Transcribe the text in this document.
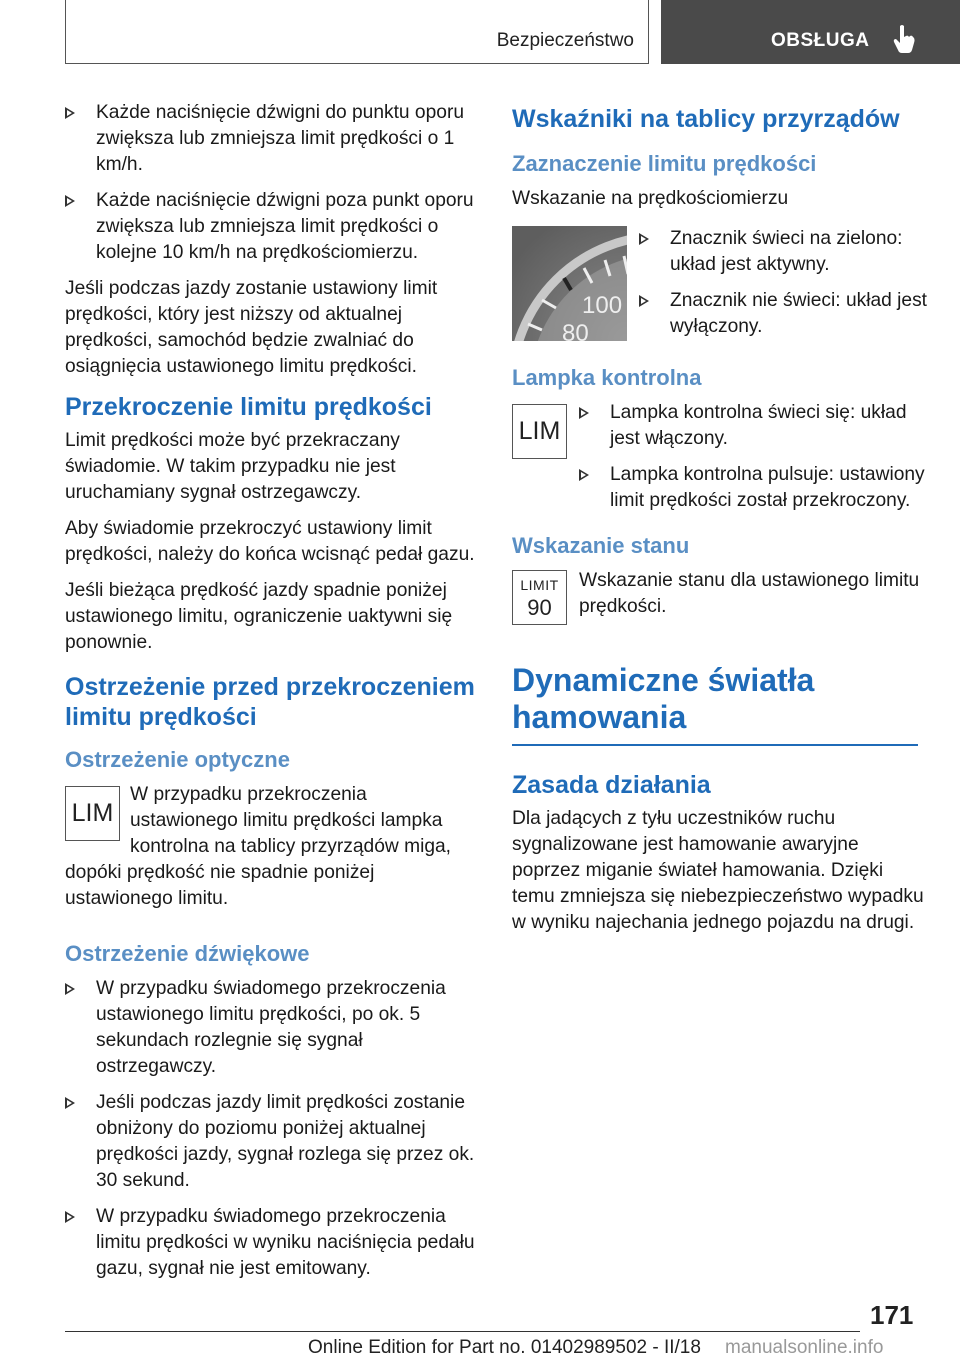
Bezpieczeństwo	OBSŁUGA
Każde naciśnięcie dźwigni do punktu oporu zwiększa lub zmniejsza limit prędkości o 1 km/h.
Każde naciśnięcie dźwigni poza punkt oporu zwiększa lub zmniejsza limit prędkości o kolejne 10 km/h na prędkościomierzu.

Jeśli podczas jazdy zostanie ustawiony limit prędkości, który jest niższy od aktualnej prędkości, samochód będzie zwalniać do osiągnięcia ustawionego limitu prędkości.

Przekroczenie limitu prędkości

Limit prędkości może być przekraczany świadomie. W takim przypadku nie jest uruchamiany sygnał ostrzegawczy.

Aby świadomie przekroczyć ustawiony limit prędkości, należy do końca wcisnąć pedał gazu.

Jeśli bieżąca prędkość jazdy spadnie poniżej ustawionego limitu, ograniczenie uaktywni się ponownie.

Ostrzeżenie przed przekroczeniem limitu prędkości
Ostrzeżenie optyczne
LIM

W przypadku przekroczenia ustawionego limitu prędkości lampka kontrolna na tablicy przyrządów miga, dopóki prędkość nie spadnie poniżej ustawionego limitu.

Ostrzeżenie dźwiękowe
W przypadku świadomego przekroczenia ustawionego limitu prędkości, po ok. 5 sekundach rozlegnie się sygnał ostrzegawczy.
Jeśli podczas jazdy limit prędkości zostanie obniżony do poziomu poniżej aktualnej prędkości jazdy, sygnał rozlega się przez ok. 30 sekund.
W przypadku świadomego przekroczenia limitu prędkości w wyniku naciśnięcia pedału gazu, sygnał nie jest emitowany.
Wskaźniki na tablicy przyrządów
Zaznaczenie limitu prędkości

Wskazanie na prędkościomierzu

100
80
Znacznik świeci na zielono: układ jest aktywny.
Znacznik nie świeci: układ jest wyłączony.
Lampka kontrolna
LIM
Lampka kontrolna świeci się: układ jest włączony.
Lampka kontrolna pulsuje: ustawiony limit prędkości został przekroczony.
Wskazanie stanu
LIMIT
90

Wskazanie stanu dla ustawionego limitu prędkości.

Dynamiczne światła hamowania
Zasada działania

Dla jadących z tyłu uczestników ruchu sygnalizowane jest hamowanie awaryjne poprzez miganie świateł hamowania. Dzięki temu zmniejsza się niebezpieczeństwo wypadku w wyniku najechania jednego pojazdu na drugi.

171
Online Edition for Part no. 01402989502 - II/18 manualsonline.info
